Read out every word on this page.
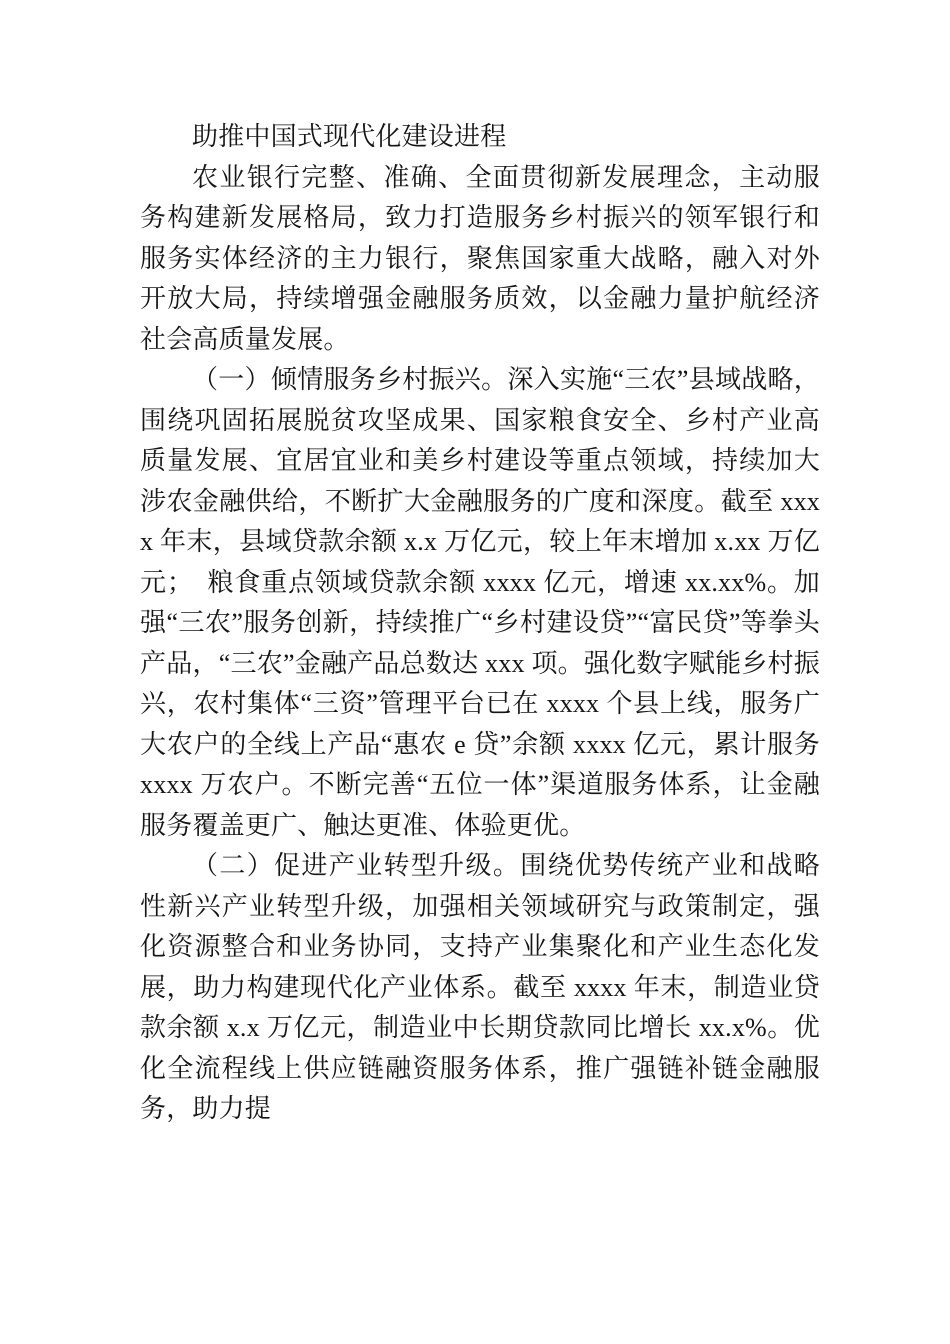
助推中国式现代化建设进程

农业银行完整、准确、全面贯彻新发展理念，主动服务构建新发展格局，致力打造服务乡村振兴的领军银行和服务实体经济的主力银行，聚焦国家重大战略，融入对外开放大局，持续增强金融服务质效，以金融力量护航经济社会高质量发展。

（一）倾情服务乡村振兴。深入实施“三农”县域战略，围绕巩固拓展脱贫攻坚成果、国家粮食安全、乡村产业高质量发展、宜居宜业和美乡村建设等重点领域，持续加大涉农金融供给，不断扩大金融服务的广度和深度。截至 xxxx 年末，县域贷款余额 x.x 万亿元，较上年末增加 x.xx 万亿元；　粮食重点领域贷款余额 xxxx 亿元，增速 xx.xx%。加强“三农”服务创新，持续推广“乡村建设贷”“富民贷”等拳头产品，“三农”金融产品总数达 xxx 项。强化数字赋能乡村振兴，农村集体“三资”管理平台已在 xxxx 个县上线，服务广大农户的全线上产品“惠农 e 贷”余额 xxxx 亿元，累计服务 xxxx 万农户。不断完善“五位一体”渠道服务体系，让金融服务覆盖更广、触达更准、体验更优。

（二）促进产业转型升级。围绕优势传统产业和战略性新兴产业转型升级，加强相关领域研究与政策制定，强化资源整合和业务协同，支持产业集聚化和产业生态化发展，助力构建现代化产业体系。截至 xxxx 年末，制造业贷款余额 x.x 万亿元，制造业中长期贷款同比增长 xx.x%。优化全流程线上供应链融资服务体系，推广强链补链金融服务，助力提
